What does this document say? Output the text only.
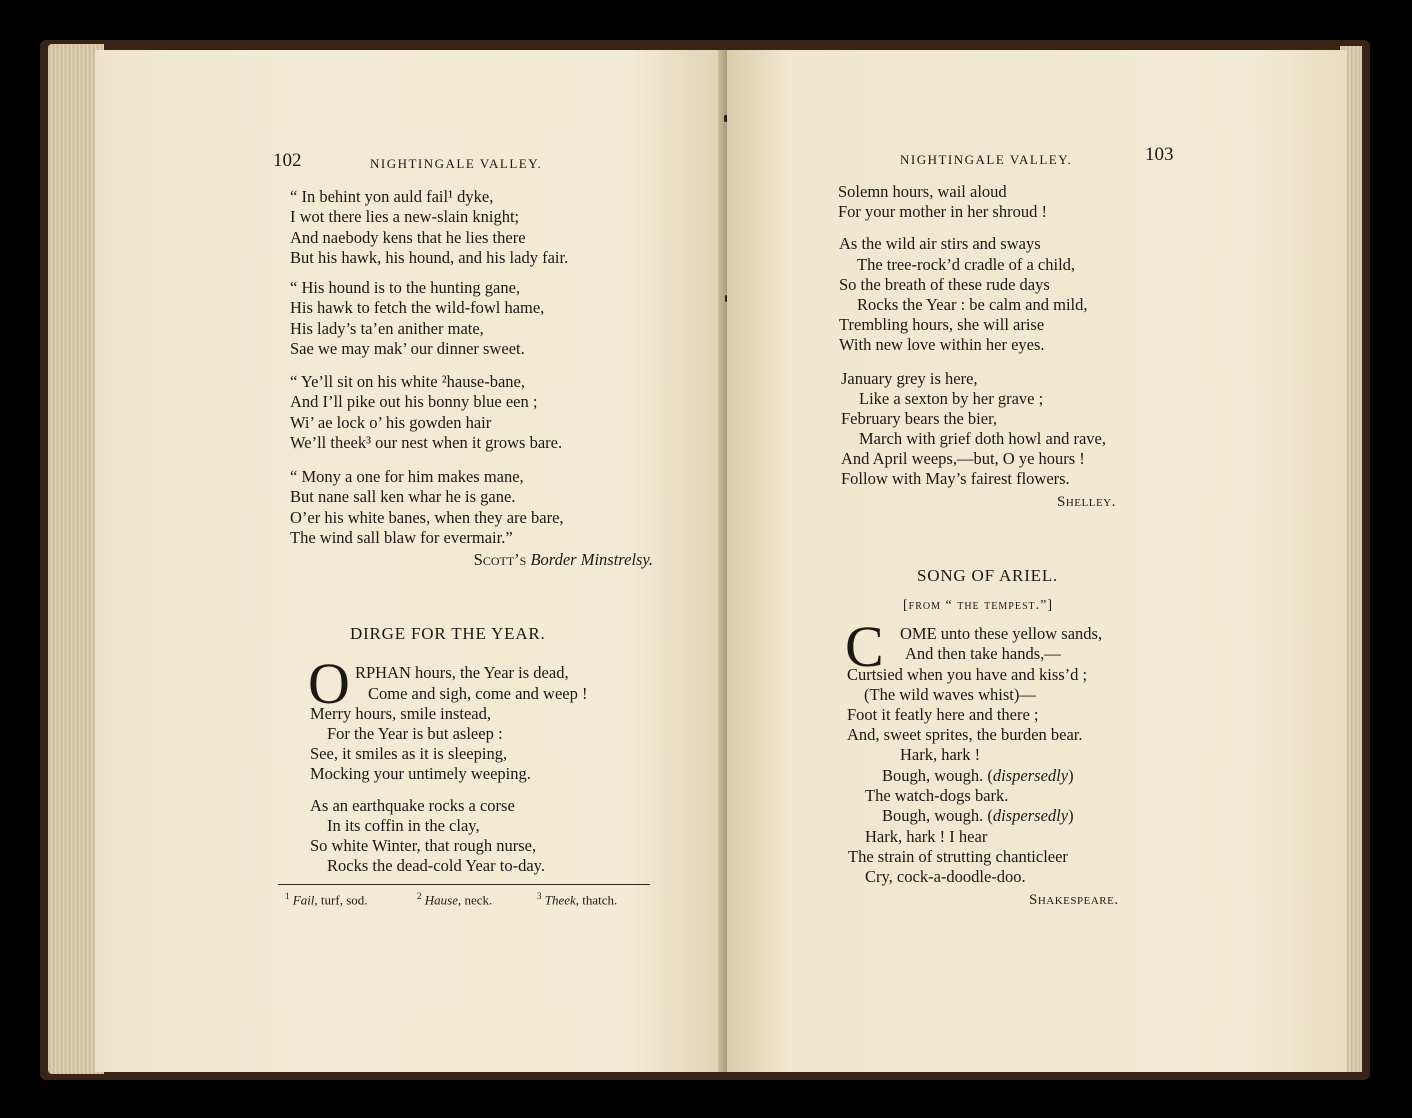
102	NIGHTINGALE VALLEY.
“ In behint yon auld fail¹ dyke,
I wot there lies a new-slain knight;
And naebody kens that he lies there
But his hawk, his hound, and his lady fair.
“ His hound is to the hunting gane,
His hawk to fetch the wild-fowl hame,
His lady’s ta’en anither mate,
Sae we may mak’ our dinner sweet.
“ Ye’ll sit on his white ²hause-bane,
And I’ll pike out his bonny blue een ;
Wi’ ae lock o’ his gowden hair
We’ll theek³ our nest when it grows bare.
“ Mony a one for him makes mane,
But nane sall ken whar he is gane.
O’er his white banes, when they are bare,
The wind sall blaw for evermair.”
Scott’s Border Minstrelsy.
DIRGE FOR THE YEAR.
O RPHAN hours, the Year is dead,
Come and sigh, come and weep !
Merry hours, smile instead,
For the Year is but asleep :
See, it smiles as it is sleeping,
Mocking your untimely weeping.
As an earthquake rocks a corse
In its coffin in the clay,
So white Winter, that rough nurse,
Rocks the dead-cold Year to-day.
$^1$ Fail, turf, sod.	$^2$ Hause, neck.	$^3$ Theek, thatch.
NIGHTINGALE VALLEY.	103
Solemn hours, wail aloud
For your mother in her shroud !
As the wild air stirs and sways
The tree-rock’d cradle of a child,
So the breath of these rude days
Rocks the Year : be calm and mild,
Trembling hours, she will arise
With new love within her eyes.
January grey is here,
Like a sexton by her grave ;
February bears the bier,
March with grief doth howl and rave,
And April weeps,—but, O ye hours !
Follow with May’s fairest flowers.
Shelley.
SONG OF ARIEL.
[from “ the tempest.”]
C OME unto these yellow sands,
And then take hands,—
Curtsied when you have and kiss’d ;
(The wild waves whist)—
Foot it featly here and there ;
And, sweet sprites, the burden bear.
Hark, hark !
Bough, wough. (dispersedly)
The watch-dogs bark.
Bough, wough. (dispersedly)
Hark, hark ! I hear
The strain of strutting chanticleer
Cry, cock-a-doodle-doo.
Shakespeare.
